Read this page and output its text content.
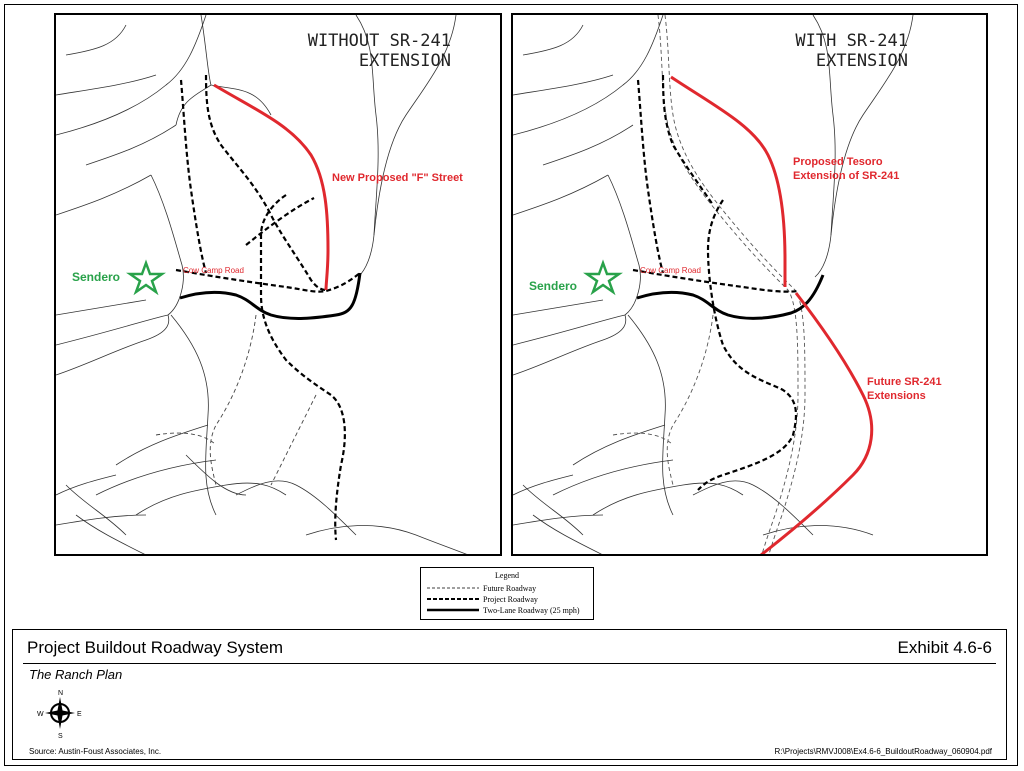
WITHOUT SR-241
EXTENSION
New Proposed "F" Street
Sendero	Cow Camp Road
WITH SR-241
EXTENSION
Proposed Tesoro
Extension of SR-241
Future SR-241
Extensions
Sendero
Cow Camp Road
Legend
Future Roadway
Project Roadway
Two-Lane Roadway (25 mph)
Project Buildout Roadway System	Exhibit 4.6-6
The Ranch Plan
N
S
W	E
Source: Austin-Foust Associates, Inc.	R:\Projects\RMVJ008\Ex4.6-6_BuildoutRoadway_060904.pdf
